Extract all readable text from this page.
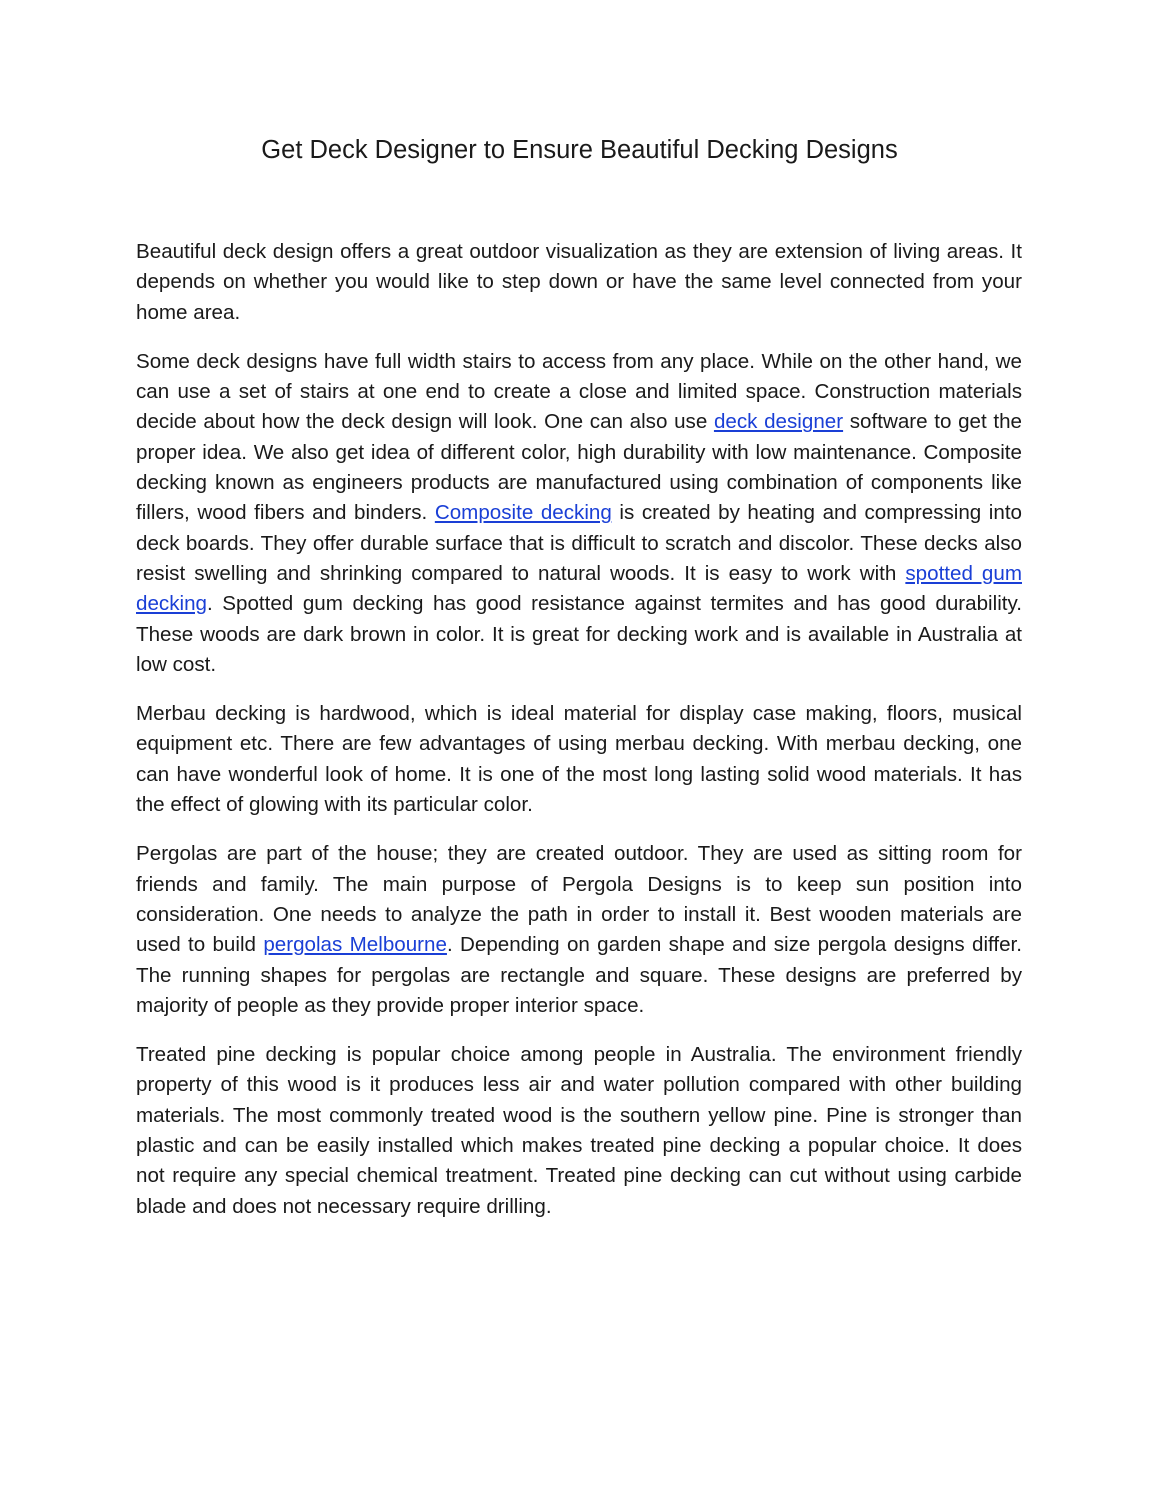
Get Deck Designer to Ensure Beautiful Decking Designs

Beautiful deck design offers a great outdoor visualization as they are extension of living areas. It depends on whether you would like to step down or have the same level connected from your home area.

Some deck designs have full width stairs to access from any place. While on the other hand, we can use a set of stairs at one end to create a close and limited space. Construction materials decide about how the deck design will look. One can also use deck designer software to get the proper idea. We also get idea of different color, high durability with low maintenance. Composite decking known as engineers products are manufactured using combination of components like fillers, wood fibers and binders. Composite decking is created by heating and compressing into deck boards. They offer durable surface that is difficult to scratch and discolor. These decks also resist swelling and shrinking compared to natural woods. It is easy to work with spotted gum decking. Spotted gum decking has good resistance against termites and has good durability. These woods are dark brown in color. It is great for decking work and is available in Australia at low cost.

Merbau decking is hardwood, which is ideal material for display case making, floors, musical equipment etc. There are few advantages of using merbau decking. With merbau decking, one can have wonderful look of home. It is one of the most long lasting solid wood materials. It has the effect of glowing with its particular color.

Pergolas are part of the house; they are created outdoor. They are used as sitting room for friends and family. The main purpose of Pergola Designs is to keep sun position into consideration. One needs to analyze the path in order to install it. Best wooden materials are used to build pergolas Melbourne. Depending on garden shape and size pergola designs differ. The running shapes for pergolas are rectangle and square. These designs are preferred by majority of people as they provide proper interior space.

Treated pine decking is popular choice among people in Australia. The environment friendly property of this wood is it produces less air and water pollution compared with other building materials. The most commonly treated wood is the southern yellow pine. Pine is stronger than plastic and can be easily installed which makes treated pine decking a popular choice. It does not require any special chemical treatment. Treated pine decking can cut without using carbide blade and does not necessary require drilling.
